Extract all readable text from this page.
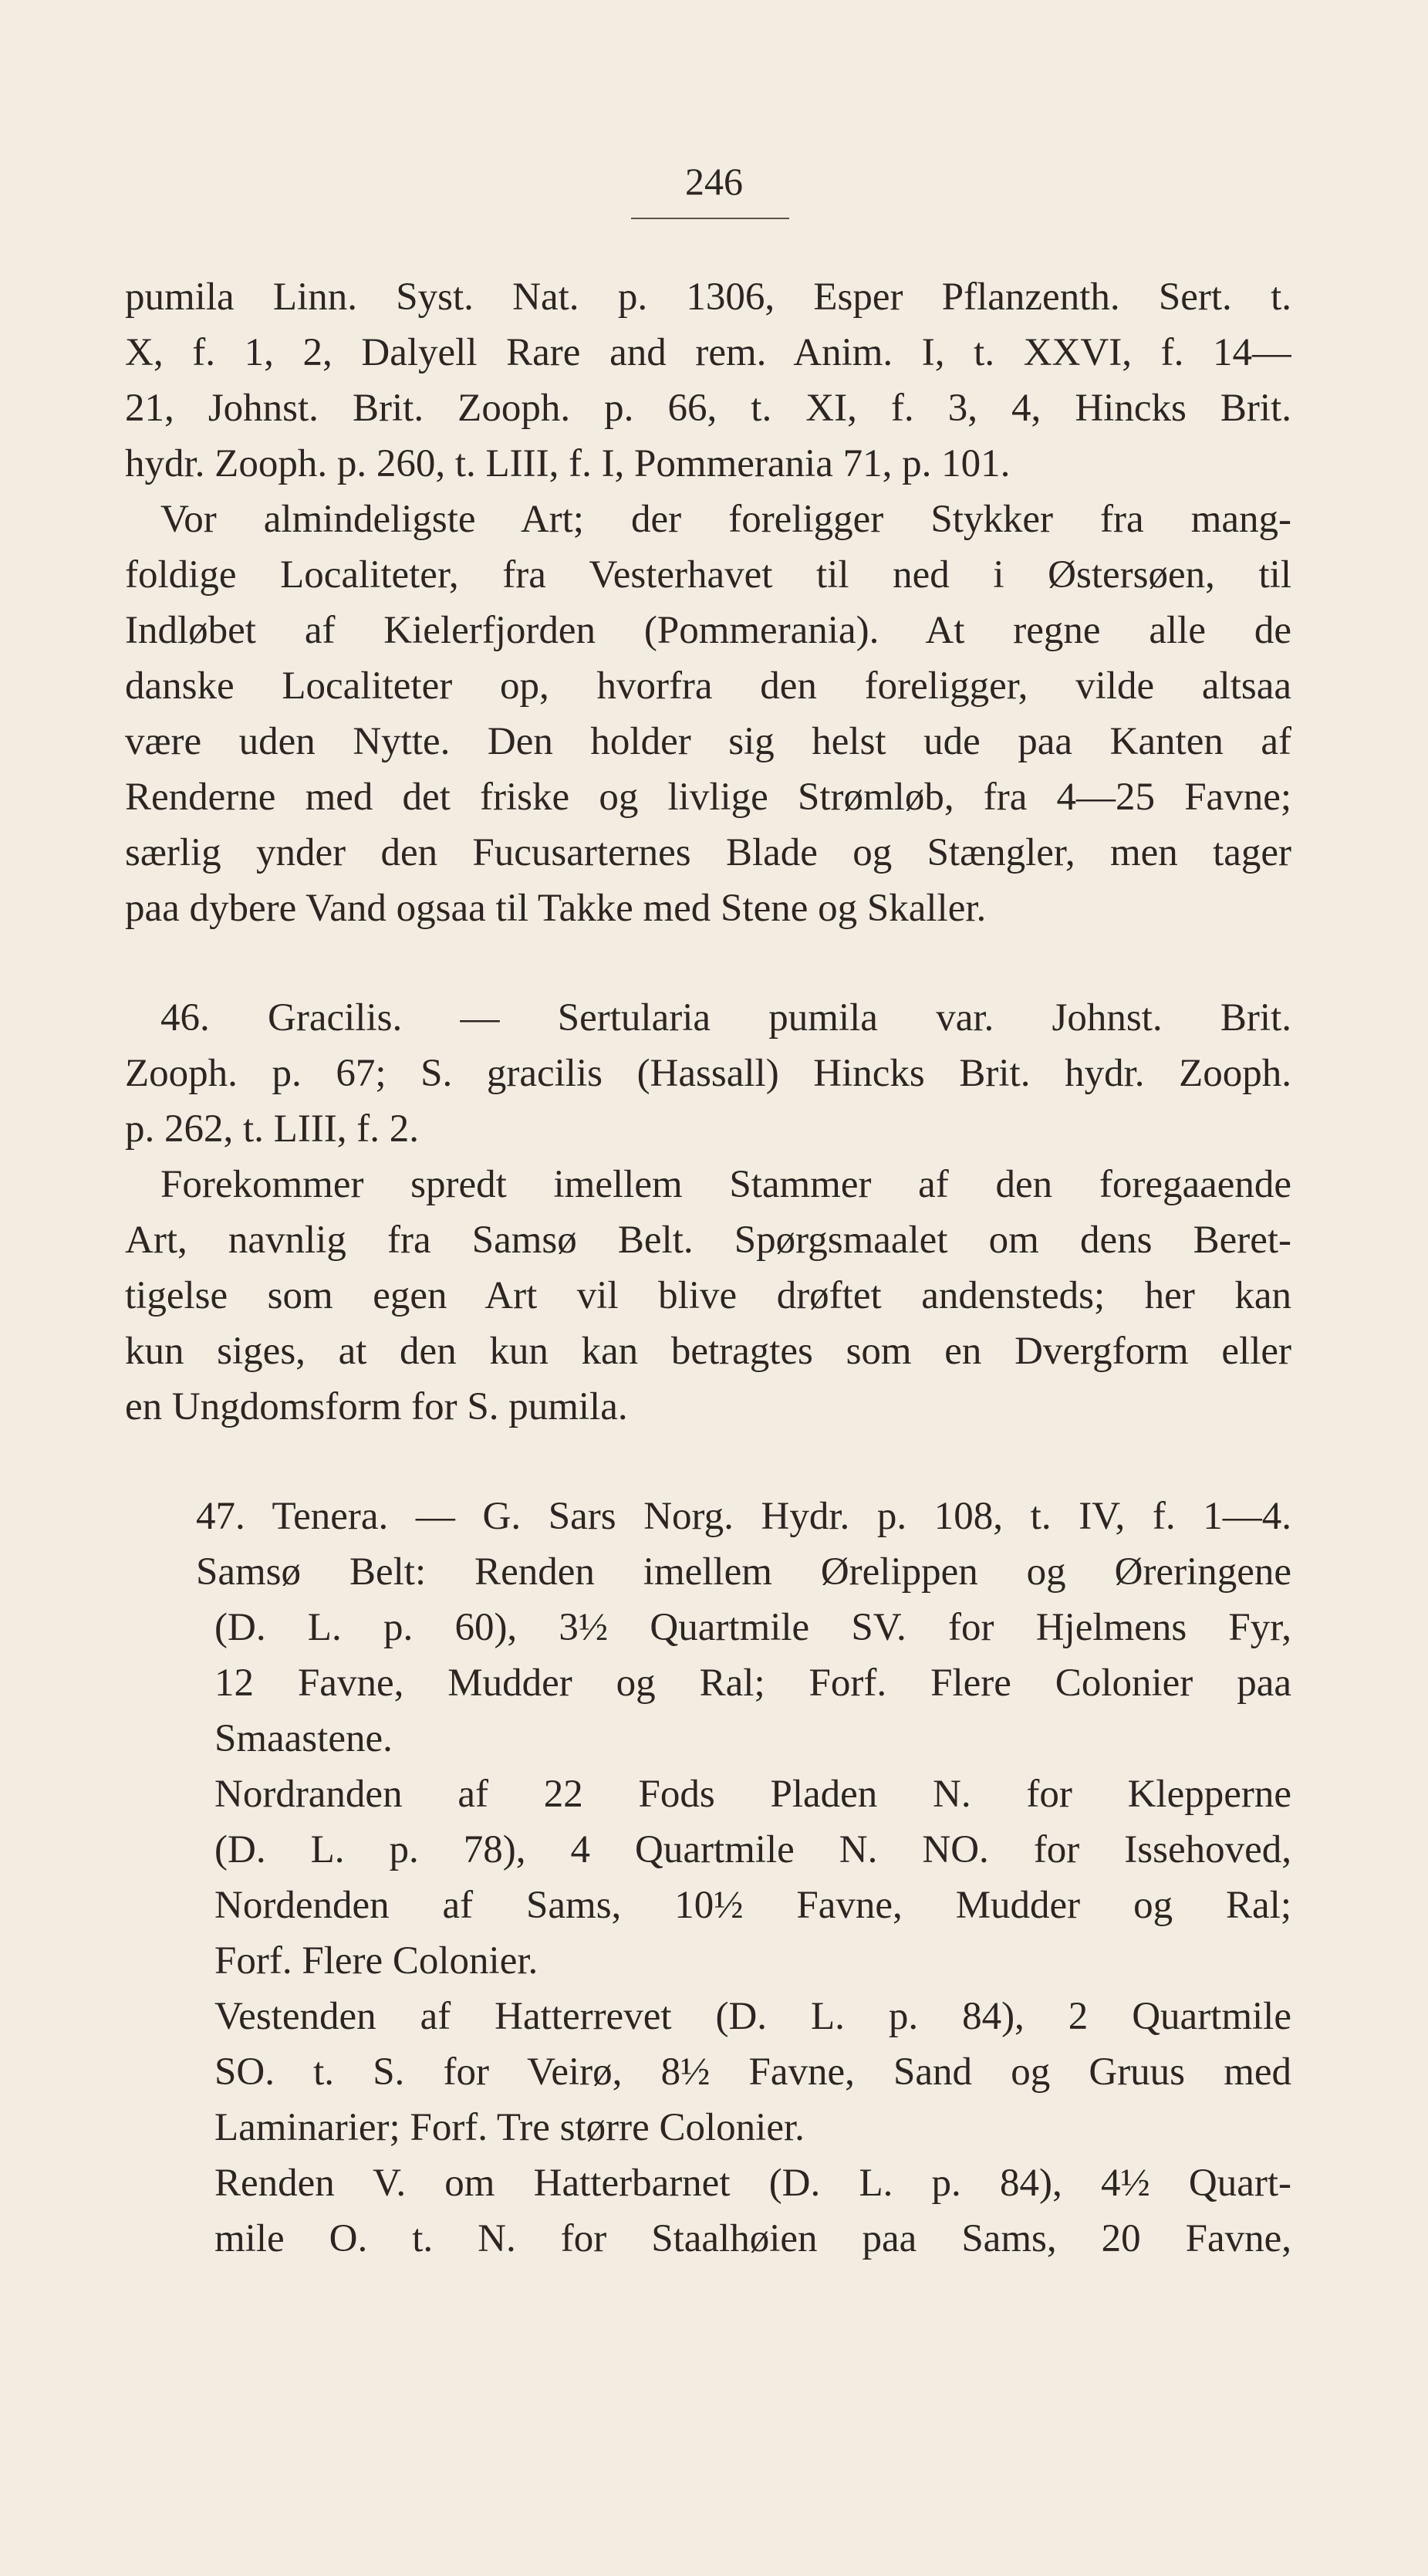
246
pumila Linn. Syst. Nat. p. 1306, Esper Pflanzenth. Sert. t.
X, f. 1, 2, Dalyell Rare and rem. Anim. I, t. XXVI, f. 14—
21, Johnst. Brit. Zooph. p. 66, t. XI, f. 3, 4, Hincks Brit.
hydr. Zooph. p. 260, t. LIII, f. I, Pommerania 71, p. 101.
Vor almindeligste Art; der foreligger Stykker fra mang-
foldige Localiteter, fra Vesterhavet til ned i Østersøen, til
Indløbet af Kielerfjorden (Pommerania). At regne alle de
danske Localiteter op, hvorfra den foreligger, vilde altsaa
være uden Nytte. Den holder sig helst ude paa Kanten af
Renderne med det friske og livlige Strømløb, fra 4—25 Favne;
særlig ynder den Fucusarternes Blade og Stængler, men tager
paa dybere Vand ogsaa til Takke med Stene og Skaller.
46. Gracilis. — Sertularia pumila var. Johnst. Brit.
Zooph. p. 67; S. gracilis (Hassall) Hincks Brit. hydr. Zooph.
p. 262, t. LIII, f. 2.
Forekommer spredt imellem Stammer af den foregaaende
Art, navnlig fra Samsø Belt. Spørgsmaalet om dens Beret-
tigelse som egen Art vil blive drøftet andensteds; her kan
kun siges, at den kun kan betragtes som en Dvergform eller
en Ungdomsform for S. pumila.
47. Tenera. — G. Sars Norg. Hydr. p. 108, t. IV, f. 1—4.
Samsø Belt: Renden imellem Ørelippen og Øreringene
(D. L. p. 60), 3½ Quartmile SV. for Hjelmens Fyr,
12 Favne, Mudder og Ral; Forf. Flere Colonier paa
Smaastene.
Nordranden af 22 Fods Pladen N. for Klepperne
(D. L. p. 78), 4 Quartmile N. NO. for Issehoved,
Nordenden af Sams, 10½ Favne, Mudder og Ral;
Forf. Flere Colonier.
Vestenden af Hatterrevet (D. L. p. 84), 2 Quartmile
SO. t. S. for Veirø, 8½ Favne, Sand og Gruus med
Laminarier; Forf. Tre større Colonier.
Renden V. om Hatterbarnet (D. L. p. 84), 4½ Quart-
mile O. t. N. for Staalhøien paa Sams, 20 Favne,
